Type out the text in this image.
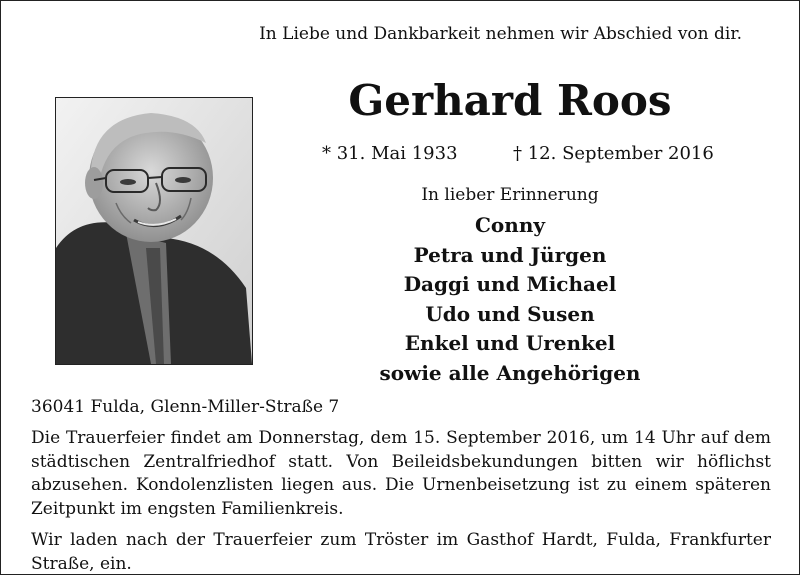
In Liebe und Dankbarkeit nehmen wir Abschied von dir.
Gerhard Roos
* 31. Mai 1933	† 12. September 2016
In lieber Erinnerung
Conny
Petra und Jürgen
Daggi und Michael
Udo und Susen
Enkel und Urenkel
sowie alle Angehörigen
36041 Fulda, Glenn-Miller-Straße 7
Die Trauerfeier findet am Donnerstag, dem 15. September 2016, um 14 Uhr auf dem städtischen Zentralfriedhof statt. Von Beileidsbekundungen bitten wir höflichst abzusehen. Kondolenzlisten liegen aus. Die Urnenbeisetzung ist zu einem späteren Zeitpunkt im engsten Familienkreis.
Wir laden nach der Trauerfeier zum Tröster im Gasthof Hardt, Fulda, Frankfurter Straße, ein.
